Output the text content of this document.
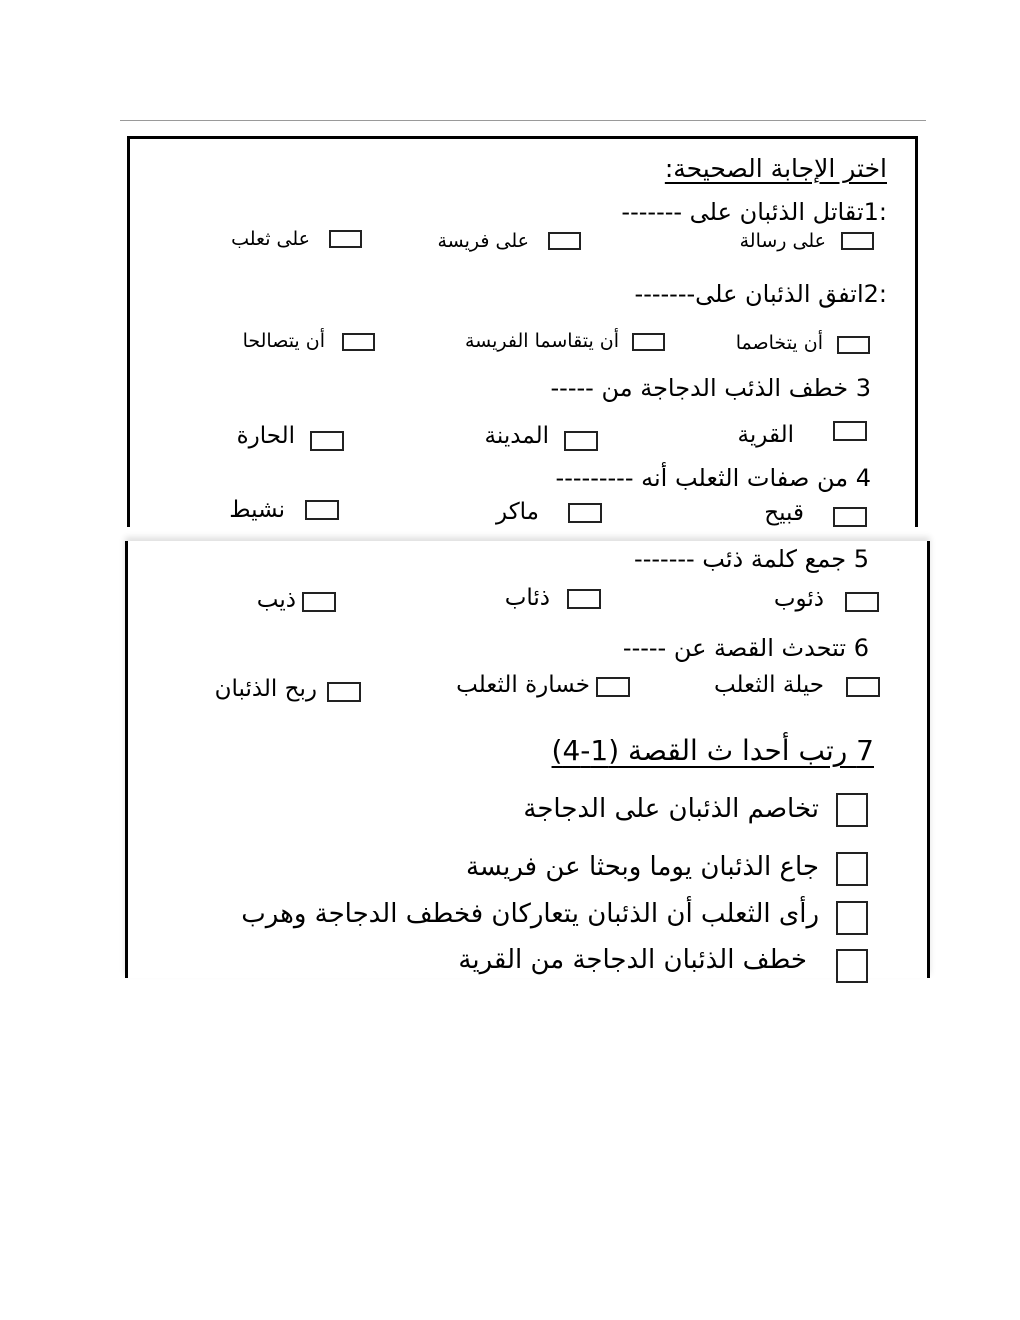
اختر الإجابة الصحيحة:
:1تقاتل الذئبان على -------
على رسالة
على فريسة
على ثعلب
:2اتفق الذئبان على-------
أن يتخاصما
أن يتقاسما الفريسة
أن يتصالحا
3 خطف الذئب الدجاجة من -----
القرية
المدينة
الحارة
4 من صفات الثعلب أنه ---------
قبيح
ماكر
نشيط
5 جمع كلمة ذئب -------
ذئوب
ذئاب
ذيب
6 تتحدث القصة عن -----
حيلة الثعلب
خسارة الثعلب
ربح الذئبان
7 رتب أحدا ث القصة (1-4)
تخاصم الذئبان على الدجاجة
جاع الذئبان يوما وبحثا عن فريسة
رأى الثعلب أن الذئبان يتعاركان فخطف الدجاجة وهرب
خطف الذئبان الدجاجة من القرية
